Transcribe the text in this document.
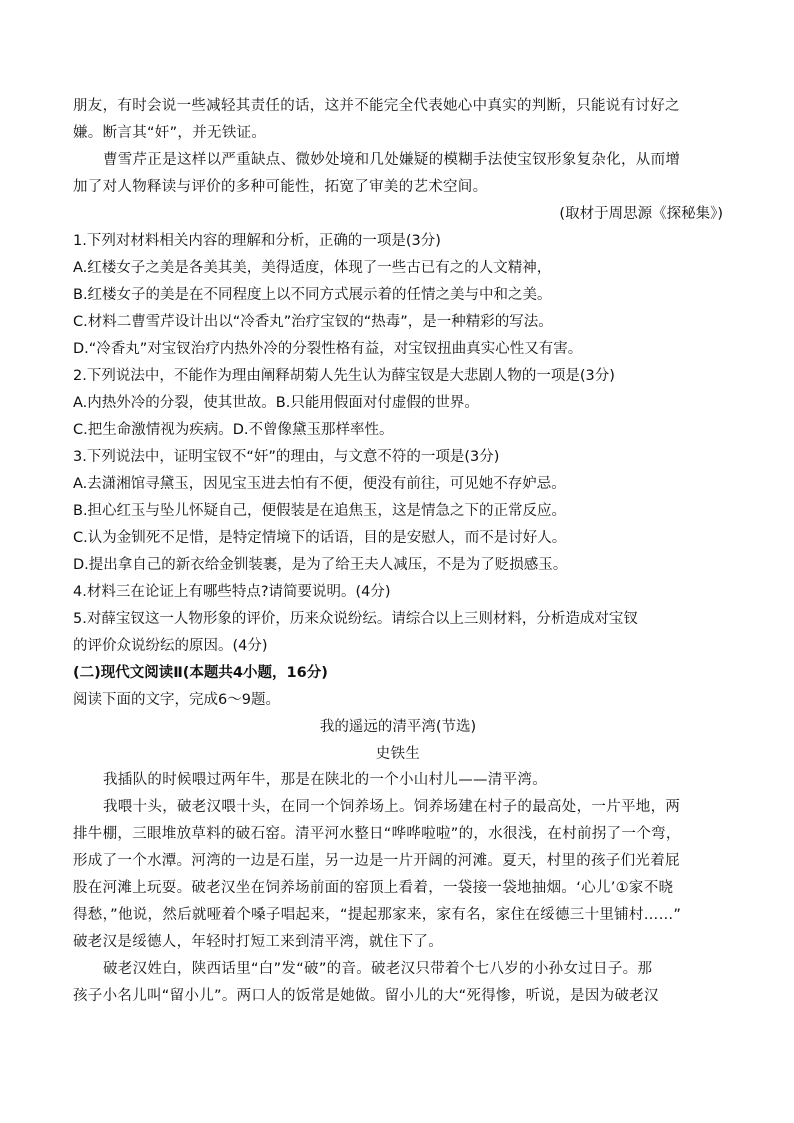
朋友，有时会说一些减轻其责任的话，这并不能完全代表她心中真实的判断，只能说有讨好之
嫌。断言其“奸”，并无铁证。
曹雪芹正是这样以严重缺点、微妙处境和几处嫌疑的模糊手法使宝钗形象复杂化，从而增
加了对人物释读与评价的多种可能性，拓宽了审美的艺术空间。
(取材于周思源《探秘集》)
1.下列对材料相关内容的理解和分析，正确的一项是(3分)
A.红楼女子之美是各美其美，美得适度，体现了一些古已有之的人文精神，
B.红楼女子的美是在不同程度上以不同方式展示着的任情之美与中和之美。
C.材料二曹雪芹设计出以“冷香丸”治疗宝钗的“热毒”，是一种精彩的写法。
D.“冷香丸”对宝钗治疗内热外冷的分裂性格有益，对宝钗扭曲真实心性又有害。
2.下列说法中，不能作为理由阐释胡菊人先生认为薛宝钗是大悲剧人物的一项是(3分)
A.内热外冷的分裂，使其世故。B.只能用假面对付虚假的世界。
C.把生命激情视为疾病。D.不曾像黛玉那样率性。
3.下列说法中，证明宝钗不“奸”的理由，与文意不符的一项是(3分)
A.去潇湘馆寻黛玉，因见宝玉进去怕有不便，便没有前往，可见她不存妒忌。
B.担心红玉与坠儿怀疑自己，便假装是在追焦玉，这是情急之下的正常反应。
C.认为金钏死不足惜，是特定情境下的话语，目的是安慰人，而不是讨好人。
D.提出拿自己的新衣给金钏装裹，是为了给王夫人减压，不是为了贬损感玉。
4.材料三在论证上有哪些特点?请简要说明。(4分)
5.对薛宝钗这一人物形象的评价，历来众说纷纭。请综合以上三则材料，分析造成对宝钗
的评价众说纷纭的原因。(4分)
(二)现代文阅读Ⅱ(本题共4小题，16分)
阅读下面的文字，完成6～9题。
我的遥远的清平湾(节选)
史铁生
我插队的时候喂过两年牛，那是在陕北的一个小山村儿——清平湾。
我喂十头，破老汉喂十头，在同一个饲养场上。饲养场建在村子的最高处，一片平地，两
排牛棚，三眼堆放草料的破石窑。清平河水整日“哗哗啦啦”的，水很浅，在村前拐了一个弯，
形成了一个水潭。河湾的一边是石崖，另一边是一片开阔的河滩。夏天，村里的孩子们光着屁
股在河滩上玩耍。破老汉坐在饲养场前面的窑顶上看着，一袋接一袋地抽烟。‘心儿’①家不晓
得愁，”他说，然后就哑着个嗓子唱起来，“提起那家来，家有名，家住在绥德三十里铺村……”
破老汉是绥德人，年轻时打短工来到清平湾，就住下了。
破老汉姓白，陕西话里“白”发“破”的音。破老汉只带着个七八岁的小孙女过日子。那
孩子小名儿叫“留小儿”。两口人的饭常是她做。留小儿的大“死得惨，听说，是因为破老汉
